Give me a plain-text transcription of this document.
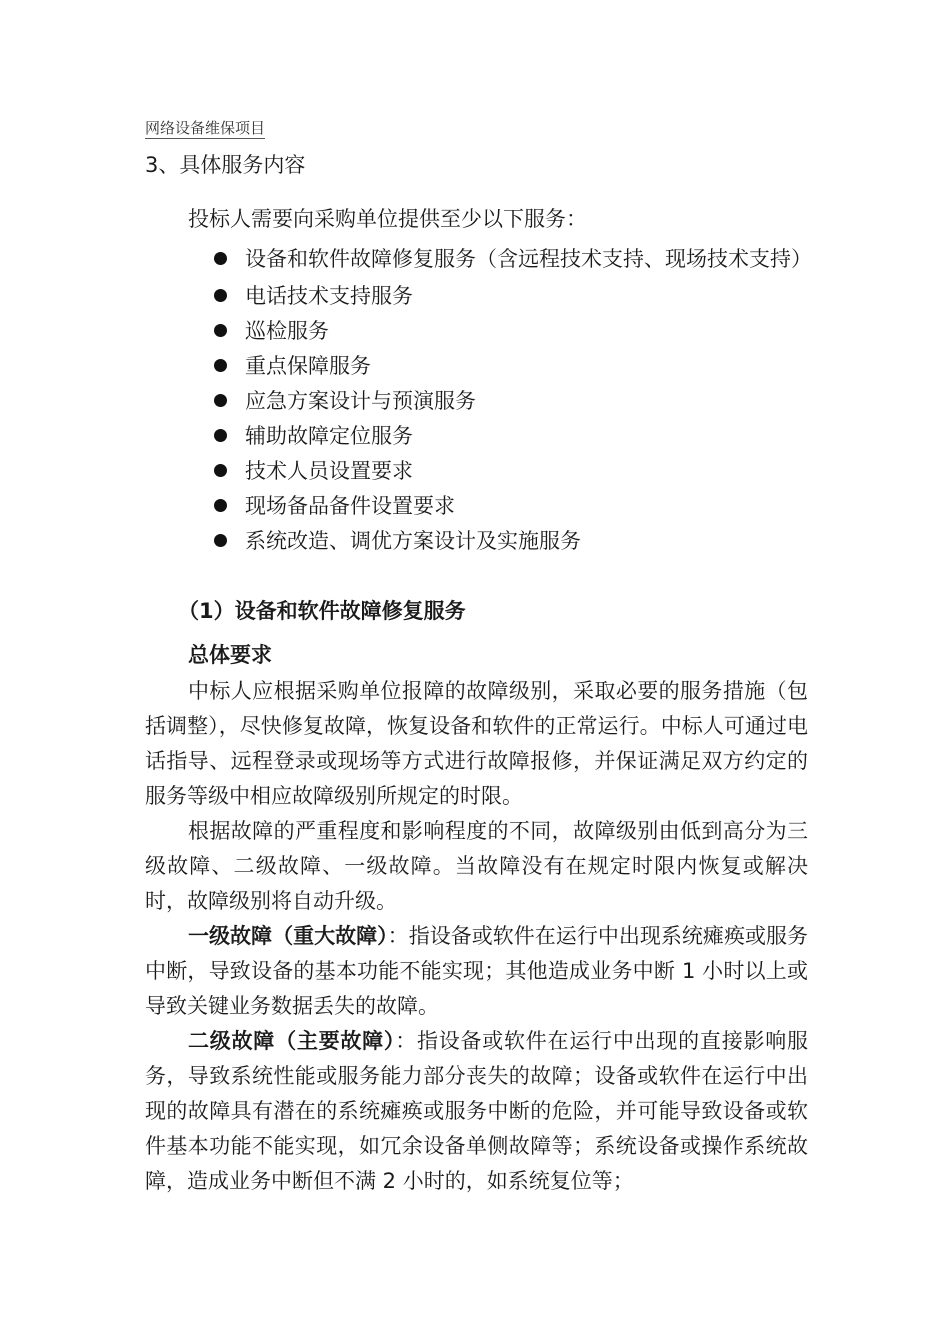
网络设备维保项目
3、具体服务内容
投标人需要向采购单位提供至少以下服务：
设备和软件故障修复服务（含远程技术支持、现场技术支持）
电话技术支持服务
巡检服务
重点保障服务
应急方案设计与预演服务
辅助故障定位服务
技术人员设置要求
现场备品备件设置要求
系统改造、调优方案设计及实施服务
（1）设备和软件故障修复服务
总体要求
中标人应根据采购单位报障的故障级别，采取必要的服务措施（包括调整），尽快修复故障，恢复设备和软件的正常运行。中标人可通过电话指导、远程登录或现场等方式进行故障报修，并保证满足双方约定的服务等级中相应故障级别所规定的时限。
根据故障的严重程度和影响程度的不同，故障级别由低到高分为三级故障、二级故障、一级故障。当故障没有在规定时限内恢复或解决时，故障级别将自动升级。
一级故障（重大故障）：指设备或软件在运行中出现系统瘫痪或服务中断，导致设备的基本功能不能实现；其他造成业务中断 1 小时以上或导致关键业务数据丢失的故障。
二级故障（主要故障）：指设备或软件在运行中出现的直接影响服务，导致系统性能或服务能力部分丧失的故障；设备或软件在运行中出现的故障具有潜在的系统瘫痪或服务中断的危险，并可能导致设备或软件基本功能不能实现，如冗余设备单侧故障等；系统设备或操作系统故障，造成业务中断但不满 2 小时的，如系统复位等；
